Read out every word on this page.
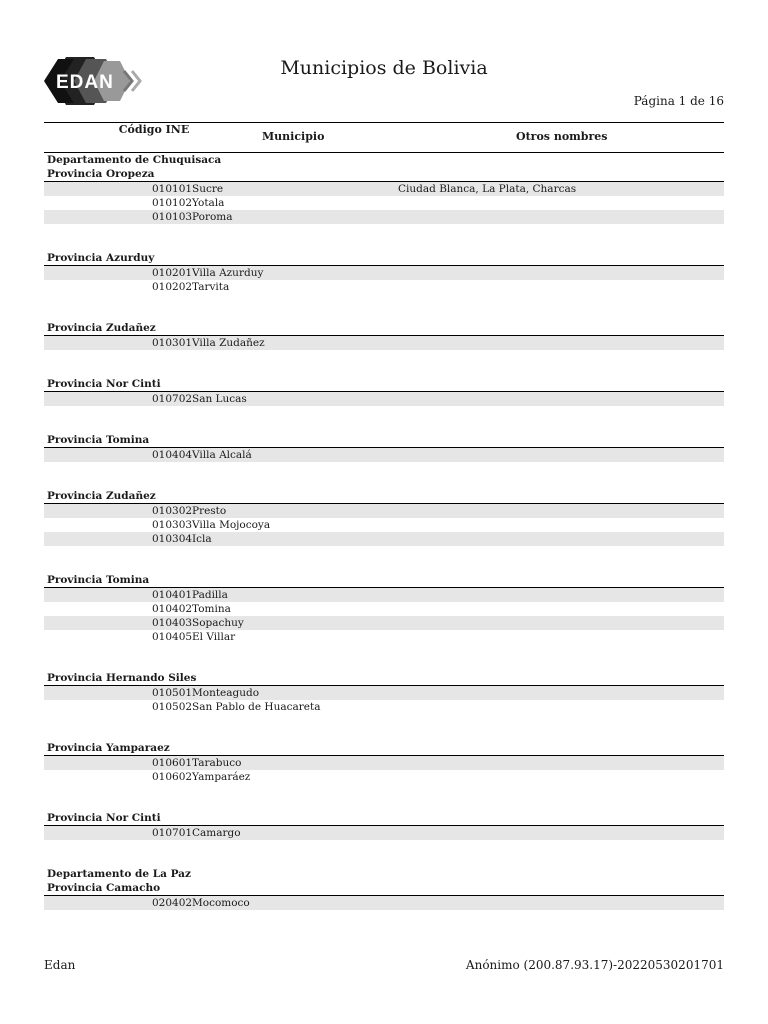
EDAN
Municipios de Bolivia
Página 1 de 16
Código INE
Municipio	Otros nombres
Departamento de Chuquisaca
Provincia Oropeza
010101 Sucre	Ciudad Blanca, La Plata, Charcas
010102 Yotala
010103 Poroma
Provincia Azurduy
010201 Villa Azurduy
010202 Tarvita
Provincia Zudañez
010301 Villa Zudañez
Provincia Nor Cinti
010702 San Lucas
Provincia Tomina
010404 Villa Alcalá
Provincia Zudañez
010302 Presto
010303 Villa Mojocoya
010304 Icla
Provincia Tomina
010401 Padilla
010402 Tomina
010403 Sopachuy
010405 El Villar
Provincia Hernando Siles
010501 Monteagudo
010502 San Pablo de Huacareta
Provincia Yamparaez
010601 Tarabuco
010602 Yamparáez
Provincia Nor Cinti
010701 Camargo
Departamento de La Paz
Provincia Camacho
020402 Mocomoco
Edan	Anónimo (200.87.93.17)-20220530201701
